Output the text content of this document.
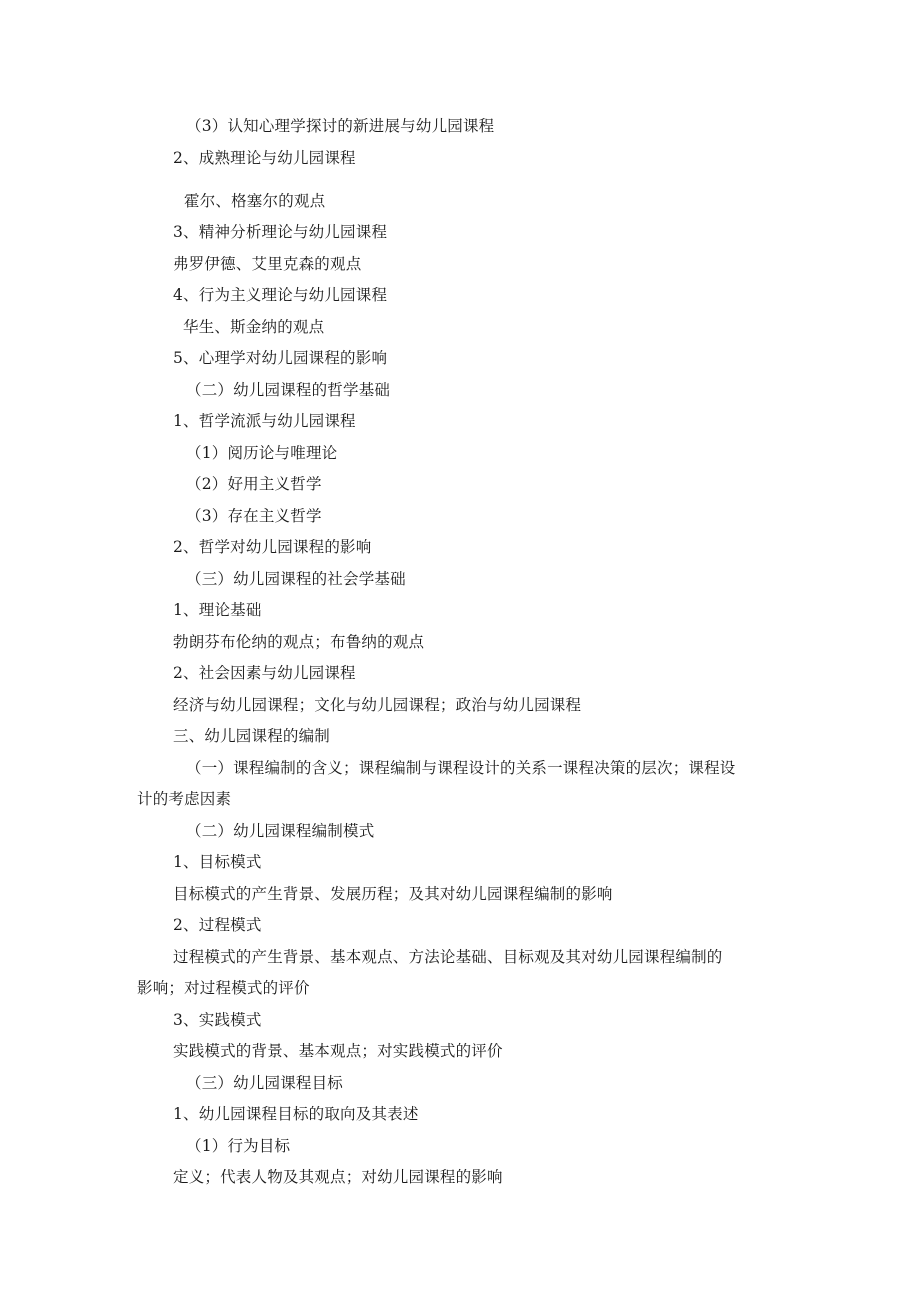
（3）认知心理学探讨的新进展与幼儿园课程
2、成熟理论与幼儿园课程
霍尔、格塞尔的观点
3、精神分析理论与幼儿园课程
弗罗伊德、艾里克森的观点
4、行为主义理论与幼儿园课程
华生、斯金纳的观点
5、心理学对幼儿园课程的影响
（二）幼儿园课程的哲学基础
1、哲学流派与幼儿园课程
（1）阅历论与唯理论
（2）好用主义哲学
（3）存在主义哲学
2、哲学对幼儿园课程的影响
（三）幼儿园课程的社会学基础
1、理论基础
勃朗芬布伦纳的观点；布鲁纳的观点
2、社会因素与幼儿园课程
经济与幼儿园课程；文化与幼儿园课程；政治与幼儿园课程
三、幼儿园课程的编制
（一）课程编制的含义；课程编制与课程设计的关系一课程决策的层次；课程设
计的考虑因素
（二）幼儿园课程编制模式
1、目标模式
目标模式的产生背景、发展历程；及其对幼儿园课程编制的影响
2、过程模式
过程模式的产生背景、基本观点、方法论基础、目标观及其对幼儿园课程编制的
影响；对过程模式的评价
3、实践模式
实践模式的背景、基本观点；对实践模式的评价
（三）幼儿园课程目标
1、幼儿园课程目标的取向及其表述
（1）行为目标
定义；代表人物及其观点；对幼儿园课程的影响
